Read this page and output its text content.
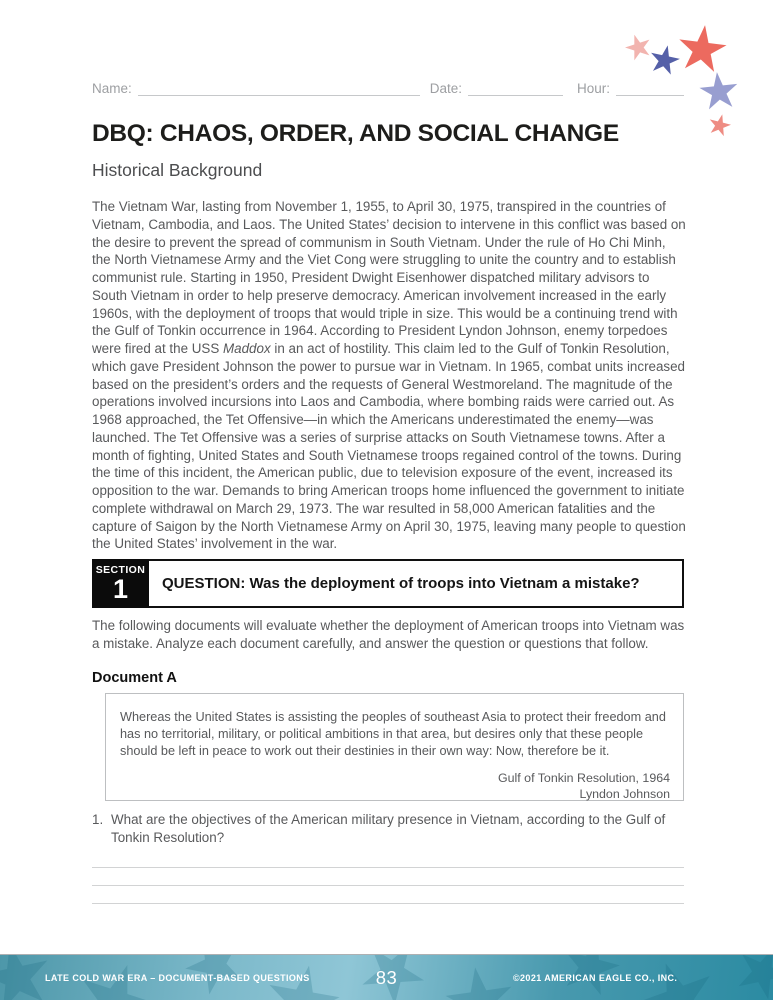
Name:	Date:	Hour:
DBQ: CHAOS, ORDER, AND SOCIAL CHANGE
Historical Background
The Vietnam War, lasting from November 1, 1955, to April 30, 1975, transpired in the countries of Vietnam, Cambodia, and Laos. The United States’ decision to intervene in this conflict was based on the desire to prevent the spread of communism in South Vietnam. Under the rule of Ho Chi Minh, the North Vietnamese Army and the Viet Cong were struggling to unite the country and to establish communist rule. Starting in 1950, President Dwight Eisenhower dispatched military advisors to South Vietnam in order to help preserve democracy. American involvement increased in the early 1960s, with the deployment of troops that would triple in size. This would be a continuing trend with the Gulf of Tonkin occurrence in 1964. According to President Lyndon Johnson, enemy torpedoes were fired at the USS Maddox in an act of hostility. This claim led to the Gulf of Tonkin Resolution, which gave President Johnson the power to pursue war in Vietnam. In 1965, combat units increased based on the president’s orders and the requests of General Westmoreland. The magnitude of the operations involved incursions into Laos and Cambodia, where bombing raids were carried out. As 1968 approached, the Tet Offensive—in which the Americans underestimated the enemy—was launched. The Tet Offensive was a series of surprise attacks on South Vietnamese towns. After a month of fighting, United States and South Vietnamese troops regained control of the towns. During the time of this incident, the American public, due to television exposure of the event, increased its opposition to the war. Demands to bring American troops home influenced the government to initiate complete withdrawal on March 29, 1973. The war resulted in 58,000 American fatalities and the capture of Saigon by the North Vietnamese Army on April 30, 1975, leaving many people to question the United States’ involvement in the war.
SECTION
1 QUESTION: Was the deployment of troops into Vietnam a mistake?
The following documents will evaluate whether the deployment of American troops into Vietnam was a mistake. Analyze each document carefully, and answer the question or questions that follow.
Document A
Whereas the United States is assisting the peoples of southeast Asia to protect their freedom and has no territorial, military, or political ambitions in that area, but desires only that these people should be left in peace to work out their destinies in their own way: Now, therefore be it.
Gulf of Tonkin Resolution, 1964
Lyndon Johnson
1. What are the objectives of the American military presence in Vietnam, according to the Gulf of Tonkin Resolution?
LATE COLD WAR ERA – DOCUMENT-BASED QUESTIONS	83	©2021 AMERICAN EAGLE CO., INC.
